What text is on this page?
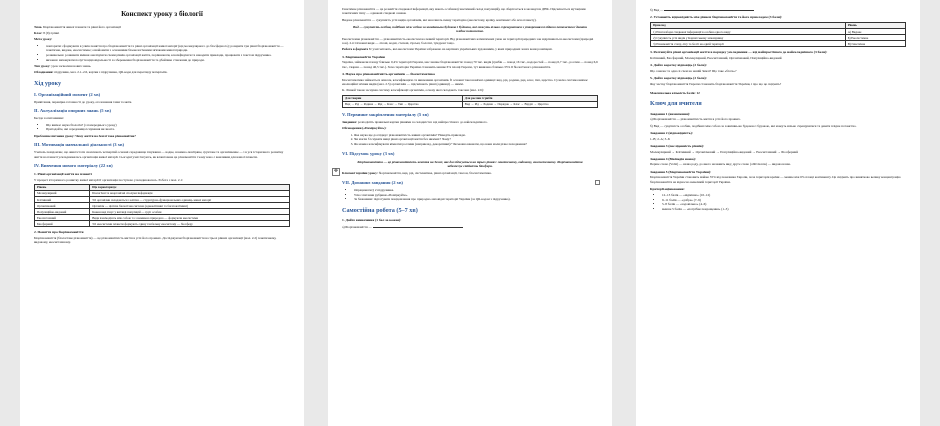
Конспект уроку з біології

Тема. Біорізноманіття живої планети та рівні його організації

Клас: 8 (9)-ї рівні

Мета уроку:

• повторити: сформувати в учнів поняття про біорізноманіття та рівні організації живої матерії (від молекулярного до біосферного); розкрити три рівні біорізноманіття — генетичне, видове, екосистемне; ознайомити з основними біоекологічними зв'язками живої природи.
• розвивальна: розвивати вміння аналізувати схеми рівнів організації життя, порівнювати, класифікувати та наводити приклади, працювати з текстом підручника.
• виховна: виховувати почуття відповідальності за збереження біорізноманіття та дбайливе ставлення до природи.

Тип уроку: урок засвоєння нових знань.

Обладнання: підручник, мал. 2.1–2.6, картки з підручника, QR-коди для перегляду матеріалів.

Хід уроку
I. Організаційний момент (2 хв)

Привітання, перевірка готовності до уроку, оголошення теми та мети.

II. Актуалізація опорних знань (5 хв)

Бесіда за питаннями:

• Що вивчає наука біологія? (з попереднього уроку)
• Пригадайте, які середовища існування ви знаєте.

Проблемне питання уроку: Чому життя на Землі таке різноманітне?

III. Мотивація навчальної діяльності (3 хв)

Учитель повідомляє, що живі істоти охоплюють четвертий основні середовища існування — водне, наземно-повітряне, ґрунтове та організменне — і в уся історичного розвитку життя на планеті ускладнювалась організація живої матерії. Сьогодні учні з'ясують, як влаштоване це різноманіття і чому воно є важливим для нашої планети.

IV. Вивчення нового матеріалу (22 хв)
1. Рівні організації життя на планеті

У процесі історичного розвитку живої матерії її організація поступово ускладнювалась. Робота з мал. 2.1:

Рівень	Що характеризує
Молекулярний	Біологічні та неорганічні сполуки інформація
Клітинний	Усі організми складаються з клітин — структурно-функціональних одиниць живої матерії
Організмовий	Організм — цілісна біологічна система (одноклітинні та багатоклітинні)
Популяційно-видовий	Кожен вид існує у вигляді популяцій — груп особин
Екосистемний	Види взаємодіють між собою та з неживою природою — формуючи екосистеми
Біосферний	Усі екосистеми планети формують єдину глобальну екосистему — біосферу
2. Поняття про біорізноманіття

Біорізноманіття (біологічне різноманіття) — це різноманітність життя в усіх його проявах. Досліджуючи біорізноманіття на трьох рівнях організації (мал. 2.2) генетичному, видовому, екосистемному.

Генетичне різноманіття — це розмаїття спадкової інформації, яку мають особини (генетичний склад популяцій), що зберігається в молекулах ДНК. Підсилюється мутаціями генетичних типу — однакові спадкові ознаки.

Видове різноманіття — сукупність усіх видів організмів, які населяють певну територію (екосистему, країну, континент або всю планету).

Вид — сукупність особин, подібних між собою за зовнішньою будовою і будовою, які можуть вільно схрещуватися з утворенням плідного потомства і давати плідне потомство.

Екосистемне різноманіття — різноманітність екосистем на певній території. Від різноманітних кліматичних умов на території природних зон відрізняються екосистеми (природні зон). 2.4: Основні види — лісові, водні, степові, гірські, болотні, тундрові тощо.

Робота в формате 3: учні читають, які екосистеми України зображено на картинах українських художників, у яких природних зонах вони розміщені.

3. Біорізноманіття України

Україна, займаючи площу близько 0,4% території Європи, має значне біорізноманіття: понад 70 тис. видів (грибів — понад 16 тис., водоростей — понад 6,7 тис., рослин — понад 6,6 тис., тварин — понад 46,5 тис.). Хоча територія України становить менше 6% площі Європи, тут виявлено близько 35% її біологічного різноманіття.

4. Наука про різноманітність організмів — біосистематика

Біосистематика займається описом, класифікацією та вивченням організмів. Її основні таксономічні одиниці: вид, рід, родина, ряд, клас, тип, царство. Сучасна система вивчає еволюційні зв'язки видів (мал. 2.5) організмів — підсилюють рівні (одиниці) — нижчі.

К. Лінней також заснував систему класифікації організмів, основу якої складають таксони (мал. 2.6):

✥
Для тварин	Для рослин і грибів
Вид → Рід → Родина → Ряд → Клас → Тип → Царство	Вид → Рід → Родина → Порядок → Клас → Відділ → Царство
V. Первинне закріплення матеріалу (5 хв)

Завдання: розподіліть правильні картки рівнями за складністю: від найпростішого до найскладнішого.

Обговорення («Поміркуйте»):

1. Яка наука ще досліджує різноманітність живих організмів? Наведіть приклади.
2. Чи могли б існувати вищі рівні організації життя без нижчих? Чому?
3. Як можна класифікувати кімнатні рослини (наприклад, декоративні)? Чи можна вважати, що вони мали різне походження?
VI. Підсумок уроку (3 хв)

Біорізноманіття — це різноманітність життя на Землі, яке досліджується на трьох рівнях: генетичному, видовому, екосистемному. Біорізноманіття забезпечує стійкість біосфери.

Ключові терміни уроку: біорізноманіття, вид, рід, систематика, рівні організації, таксон, біосистематика.

VII. Домашнє завдання (2 хв)
• Опрацювати § 2 підручника.
• Усно: питання рубрики «Поміркуйте».
• За бажанням: підготувати повідомлення про природно-заповідні території України (за QR-кодом з підручника).
Самостійна робота (5–7 хв)
1. Дайте визначення (1 бал за кожне):

а) Біорізноманіття —

б) Вид —

2. Установіть відповідність між рівнем біорізноманіття та його прикладом (3 бали):
Приклад	Рівень
1) Різні набори спадкової інформації в особин одного виду	А) Видове
2) Сукупність усіх видів у Карпатському заповіднику	Б) Екосистемне
3) Різноманіття степу, лісу та боліт на одній території	В) Генетичне
3. Розташуйте рівні організації життя в порядку ускладнення — від найпростішого до найскладнішого (3 бали):

Клітинний, Біосферний, Молекулярний, Екосистемний, Організмовий, Популяційно-видовий

4. Дайте коротку відповідь (2 бали):

Що означає та одна зі схем на нашій Землі? Що таке «біота»?

5. Дайте коротку відповідь (2 бали):

Яку частку біорізноманіття Європи становить біорізноманіття України, і про що це свідчить?

Максимальна кількість балів: 12

Ключ для вчителя
Завдання 1 (визначення):

а) Біорізноманіття — різноманітність життя в усіх його проявах.

б) Вид — сукупність особин, подібних між собою за зовнішньою будовою і будовою, які можуть вільно схрещуватися та давати плідне потомство.

Завдання 2 (відповідність):

1–В; 2–А; 3–Б

Завдання 3 (послідовність рівнів):

Молекулярний → Клітинний → Організмовий → Популяційно-видовий → Екосистемний → Біосферний

Завдання 4 (Вікіпедія назва):

Перше слово (Volzi) — назва роду, до якого належить вид; друге слово (obliviscens) — видова назва.

Завдання 5 (Біорізноманіття України):

Біорізноманіття України становить майже 35% від показника Європи, хоча територія країни — менше ніж 6% площі континенту. Це свідчить про винятково велику концентрацію біорізноманіття на відносно невеликій території України.

Критерії оцінювання:
• 12–13 балів — «відмінно» (10–12)
• 9–11 балів — «добре» (7–9)
• 5–8 балів — «задовільно» (4–6)
• менше 5 балів — «потрібне покращення» (1–3)
